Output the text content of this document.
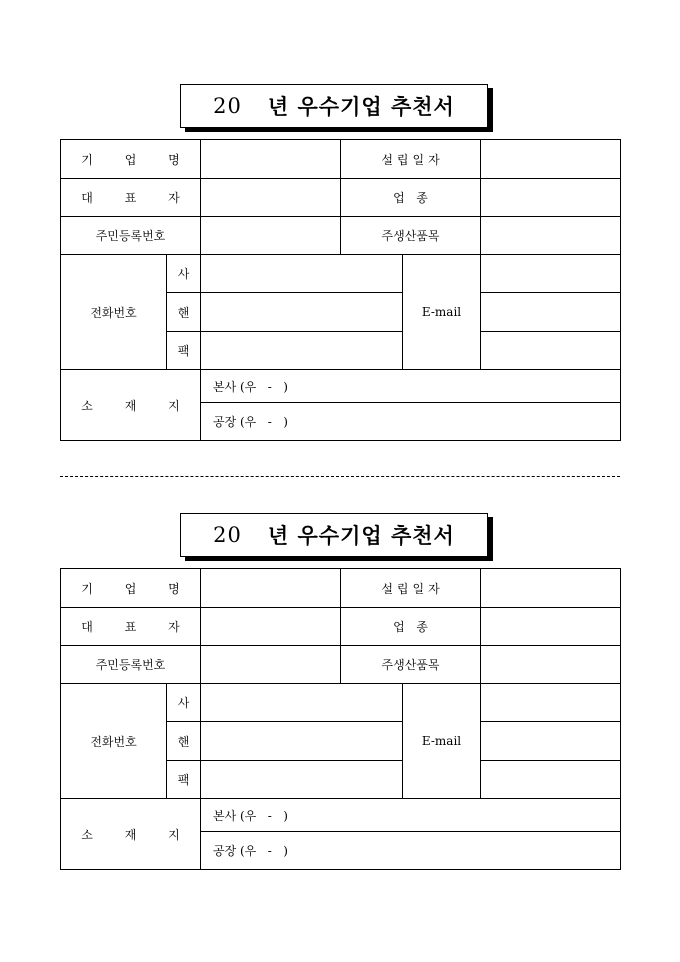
20 년 우수기업 추천서
기 업 명			설립일자		
대 표 자			업   종		
주민등록번호			주생산품목		
전화번호	사			E-mail	
	핸				
	팩				
소 재 지		본사 (우   -   )			
		공장 (우   -   )			
20 년 우수기업 추천서
기 업 명			설립일자		
대 표 자			업   종		
주민등록번호			주생산품목		
전화번호	사			E-mail	
	핸				
	팩				
소 재 지		본사 (우   -   )			
		공장 (우   -   )			
